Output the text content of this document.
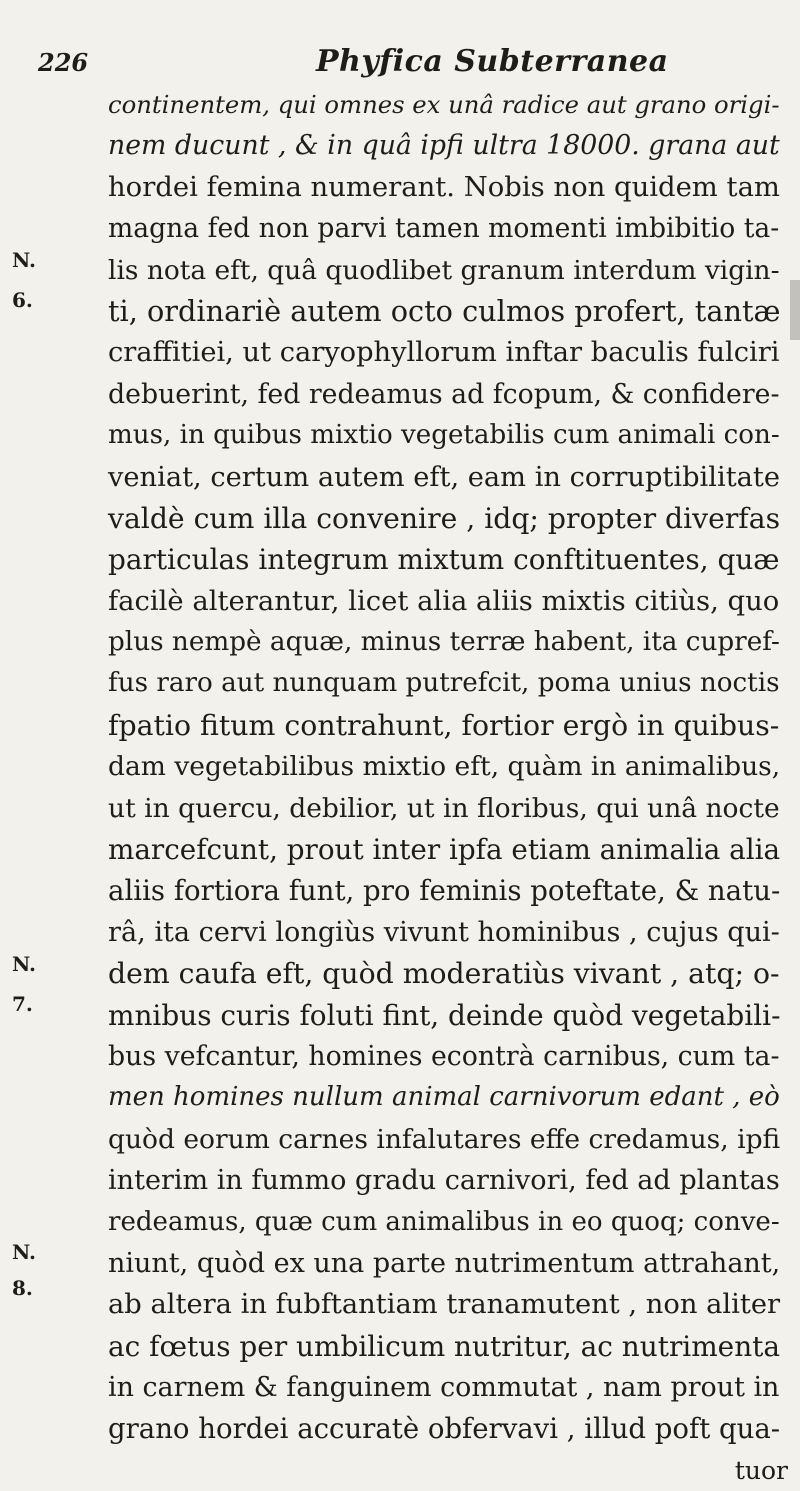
226	Phyfica Subterranea
N.
6.
N.
7.
N.
8.
continentem, qui omnes ex unâ radice aut grano origi-
nem ducunt , & in quâ ipfi ultra 18000. grana aut
hordei femina numerant. Nobis non quidem tam
magna fed non parvi tamen momenti imbibitio ta-
lis nota eft, quâ quodlibet granum interdum vigin-
ti, ordinariè autem octo culmos profert, tantæ
craffitiei, ut caryophyllorum inftar baculis fulciri
debuerint, fed redeamus ad fcopum, & confidere-
mus, in quibus mixtio vegetabilis cum animali con-
veniat, certum autem eft, eam in corruptibilitate
valdè cum illa convenire , idq; propter diverfas
particulas integrum mixtum conftituentes, quæ
facilè alterantur, licet alia aliis mixtis citiùs, quo
plus nempè aquæ, minus terræ habent, ita cupref-
fus raro aut nunquam putrefcit, poma unius noctis
fpatio fitum contrahunt, fortior ergò in quibus-
dam vegetabilibus mixtio eft, quàm in animalibus,
ut in quercu, debilior, ut in floribus, qui unâ nocte
marcefcunt, prout inter ipfa etiam animalia alia
aliis fortiora funt, pro feminis poteftate, & natu-
râ, ita cervi longiùs vivunt hominibus , cujus qui-
dem caufa eft, quòd moderatiùs vivant , atq; o-
mnibus curis foluti fint, deinde quòd vegetabili-
bus vefcantur, homines econtrà carnibus, cum ta-
men homines nullum animal carnivorum edant , eò
quòd eorum carnes infalutares effe credamus, ipfi
interim in fummo gradu carnivori, fed ad plantas
redeamus, quæ cum animalibus in eo quoq; conve-
niunt, quòd ex una parte nutrimentum attrahant,
ab altera in fubftantiam tranamutent , non aliter
ac fœtus per umbilicum nutritur, ac nutrimenta
in carnem & fanguinem commutat , nam prout in
grano hordei accuratè obfervavi , illud poft qua-
tuor
